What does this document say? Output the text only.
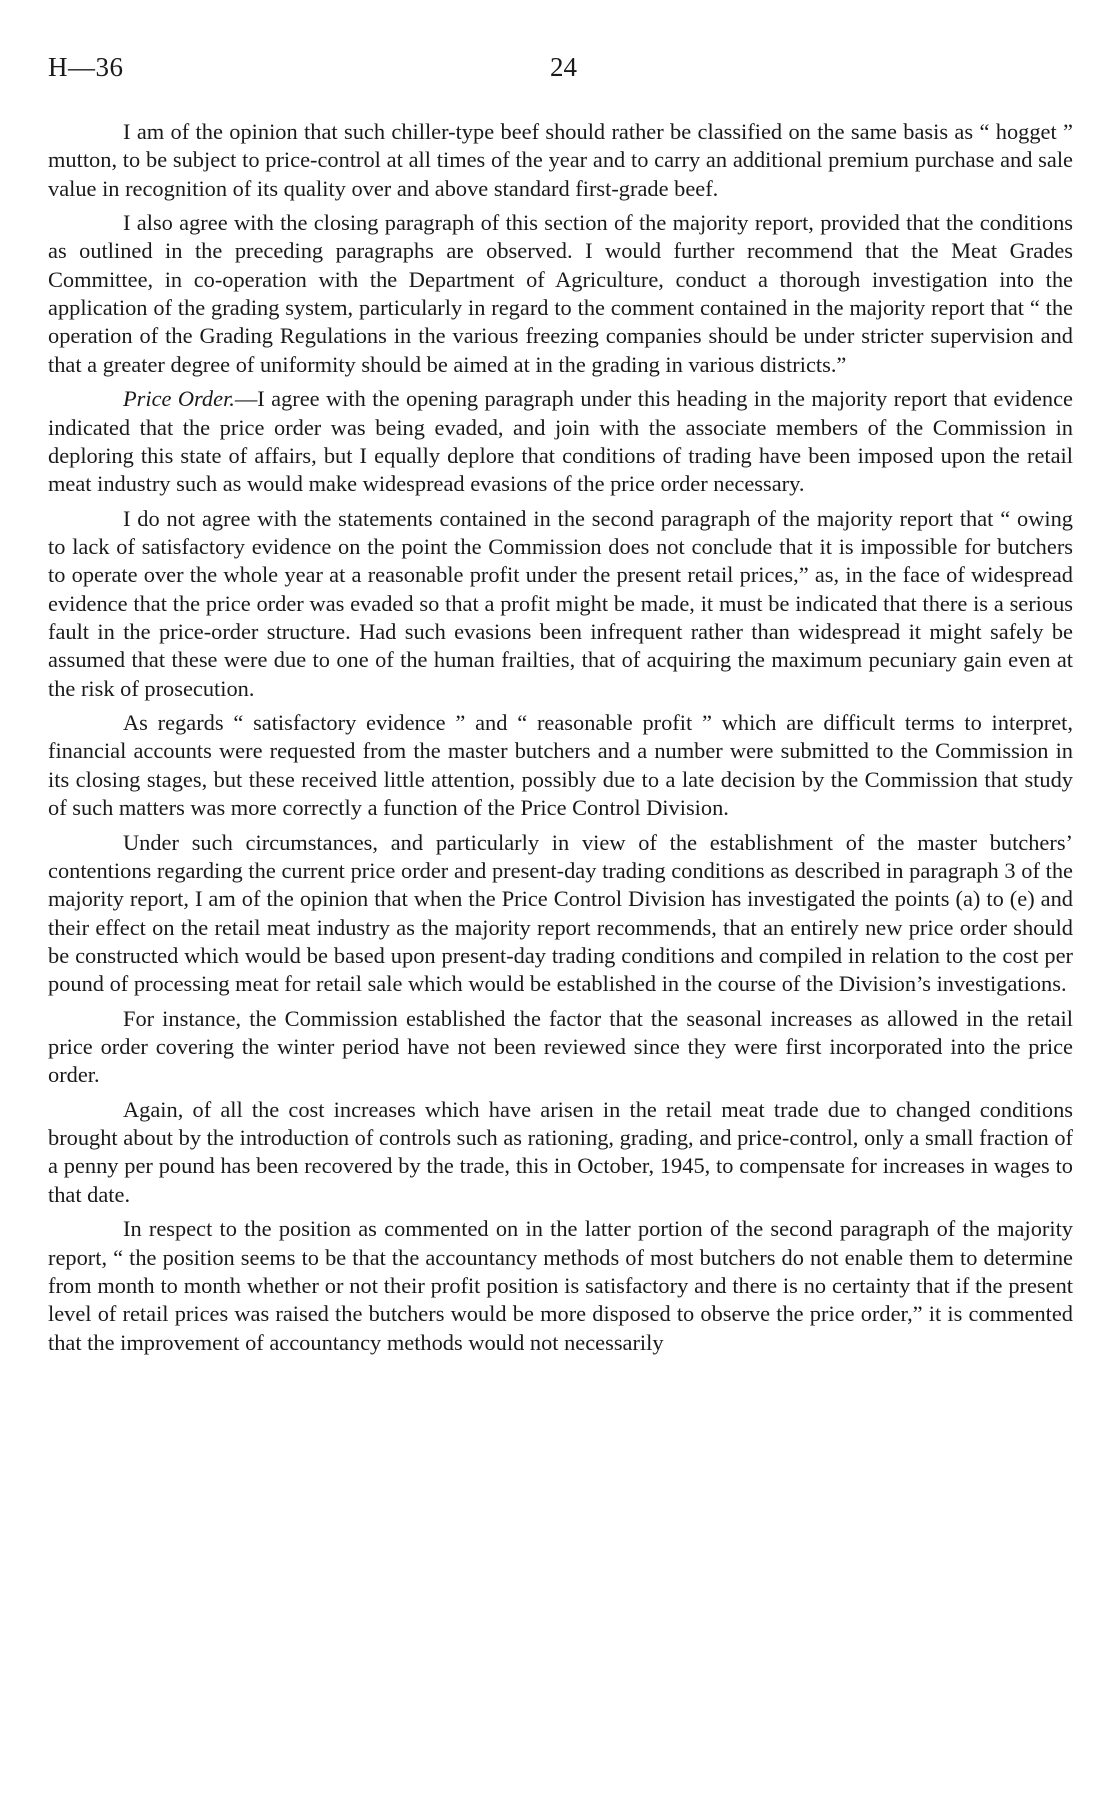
H—36	24

I am of the opinion that such chiller-type beef should rather be classified on the same basis as “ hogget ” mutton, to be subject to price-control at all times of the year and to carry an additional premium purchase and sale value in recognition of its quality over and above standard first-grade beef.

I also agree with the closing paragraph of this section of the majority report, provided that the conditions as outlined in the preceding paragraphs are observed. I would further recommend that the Meat Grades Committee, in co-operation with the Department of Agriculture, conduct a thorough investigation into the application of the grading system, particularly in regard to the comment contained in the majority report that “ the operation of the Grading Regulations in the various freezing companies should be under stricter supervision and that a greater degree of uniformity should be aimed at in the grading in various districts.”

Price Order.—I agree with the opening paragraph under this heading in the majority report that evidence indicated that the price order was being evaded, and join with the associate members of the Commission in deploring this state of affairs, but I equally deplore that conditions of trading have been imposed upon the retail meat industry such as would make widespread evasions of the price order necessary.

I do not agree with the statements contained in the second paragraph of the majority report that “ owing to lack of satisfactory evidence on the point the Commission does not conclude that it is impossible for butchers to operate over the whole year at a reasonable profit under the present retail prices,” as, in the face of widespread evidence that the price order was evaded so that a profit might be made, it must be indicated that there is a serious fault in the price-order structure. Had such evasions been infrequent rather than widespread it might safely be assumed that these were due to one of the human frailties, that of acquiring the maximum pecuniary gain even at the risk of prosecution.

As regards “ satisfactory evidence ” and “ reasonable profit ” which are difficult terms to interpret, financial accounts were requested from the master butchers and a number were submitted to the Commission in its closing stages, but these received little attention, possibly due to a late decision by the Commission that study of such matters was more correctly a function of the Price Control Division.

Under such circumstances, and particularly in view of the establishment of the master butchers’ contentions regarding the current price order and present-day trading conditions as described in paragraph 3 of the majority report, I am of the opinion that when the Price Control Division has investigated the points (a) to (e) and their effect on the retail meat industry as the majority report recommends, that an entirely new price order should be constructed which would be based upon present-day trading conditions and compiled in relation to the cost per pound of processing meat for retail sale which would be established in the course of the Division’s investigations.

For instance, the Commission established the factor that the seasonal increases as allowed in the retail price order covering the winter period have not been reviewed since they were first incorporated into the price order.

Again, of all the cost increases which have arisen in the retail meat trade due to changed conditions brought about by the introduction of controls such as rationing, grading, and price-control, only a small fraction of a penny per pound has been recovered by the trade, this in October, 1945, to compensate for increases in wages to that date.

In respect to the position as commented on in the latter portion of the second paragraph of the majority report, “ the position seems to be that the accountancy methods of most butchers do not enable them to determine from month to month whether or not their profit position is satisfactory and there is no certainty that if the present level of retail prices was raised the butchers would be more disposed to observe the price order,” it is commented that the improvement of accountancy methods would not necessarily
